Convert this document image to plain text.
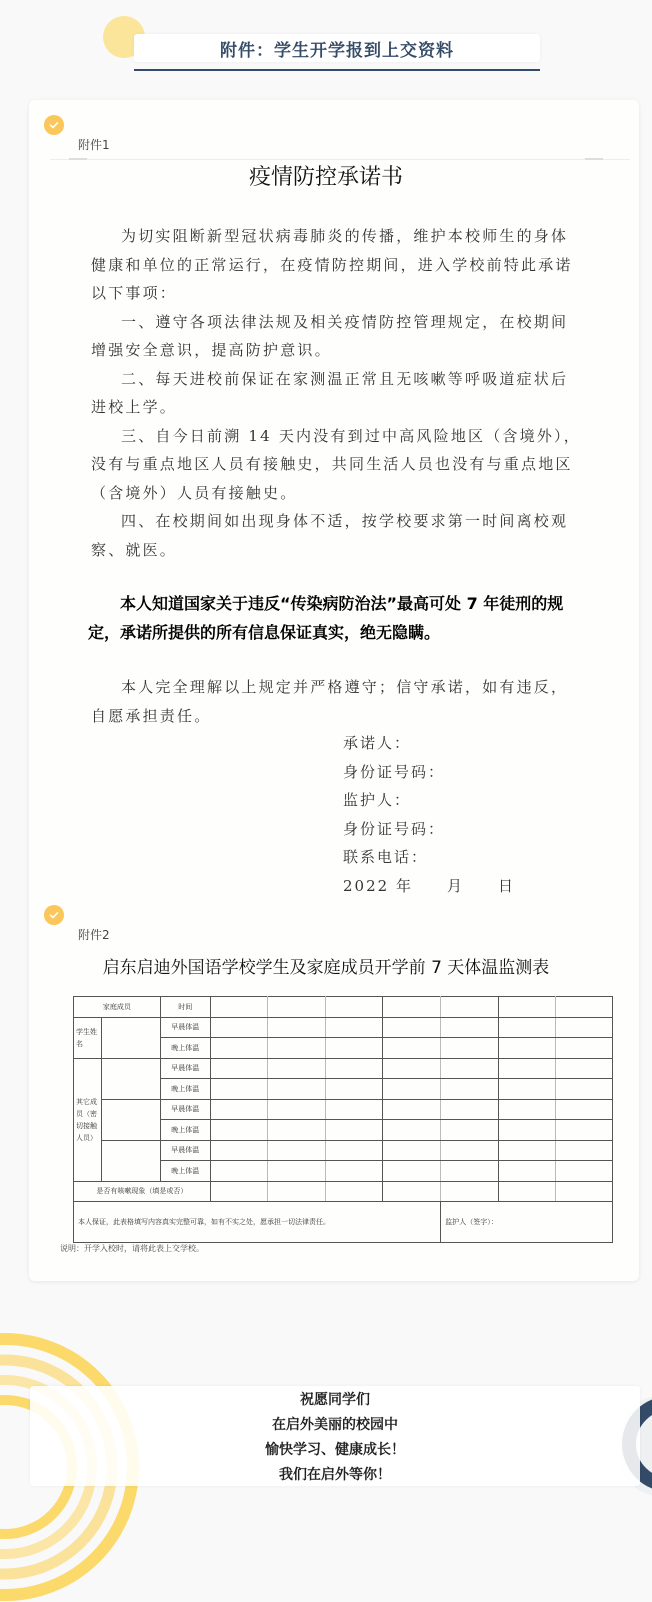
附件：学生开学报到上交资料
附件1
疫情防控承诺书

为切实阻断新型冠状病毒肺炎的传播，维护本校师生的身体健康和单位的正常运行，在疫情防控期间，进入学校前特此承诺以下事项：

一、遵守各项法律法规及相关疫情防控管理规定，在校期间增强安全意识，提高防护意识。

二、每天进校前保证在家测温正常且无咳嗽等呼吸道症状后进校上学。

三、自今日前溯 14 天内没有到过中高风险地区（含境外），没有与重点地区人员有接触史，共同生活人员也没有与重点地区（含境外）人员有接触史。

四、在校期间如出现身体不适，按学校要求第一时间离校观察、就医。

本人知道国家关于违反“传染病防治法”最高可处 7 年徒刑的规定，承诺所提供的所有信息保证真实，绝无隐瞒。

本人完全理解以上规定并严格遵守；信守承诺，如有违反，自愿承担责任。

承诺人：

身份证号码：

监护人：

身份证号码：

联系电话：

2022 年　　月　　日

附件2
启东启迪外国语学校学生及家庭成员开学前 7 天体温监测表
家庭成员		时间							
学生姓名		早晨体温							
		晚上体温							
其它成员（密切接触人员）		早晨体温							
		晚上体温							
		早晨体温							
		晚上体温							
		早晨体温							
		晚上体温							
是否有咳嗽现象（填是或否）									
本人保证，此表格填写内容真实完整可靠，如有不实之处，愿承担一切法律责任。							监护人（签字）：		
说明：开学入校时，请将此表上交学校。
祝愿同学们
在启外美丽的校园中
愉快学习、健康成长！
我们在启外等你！
